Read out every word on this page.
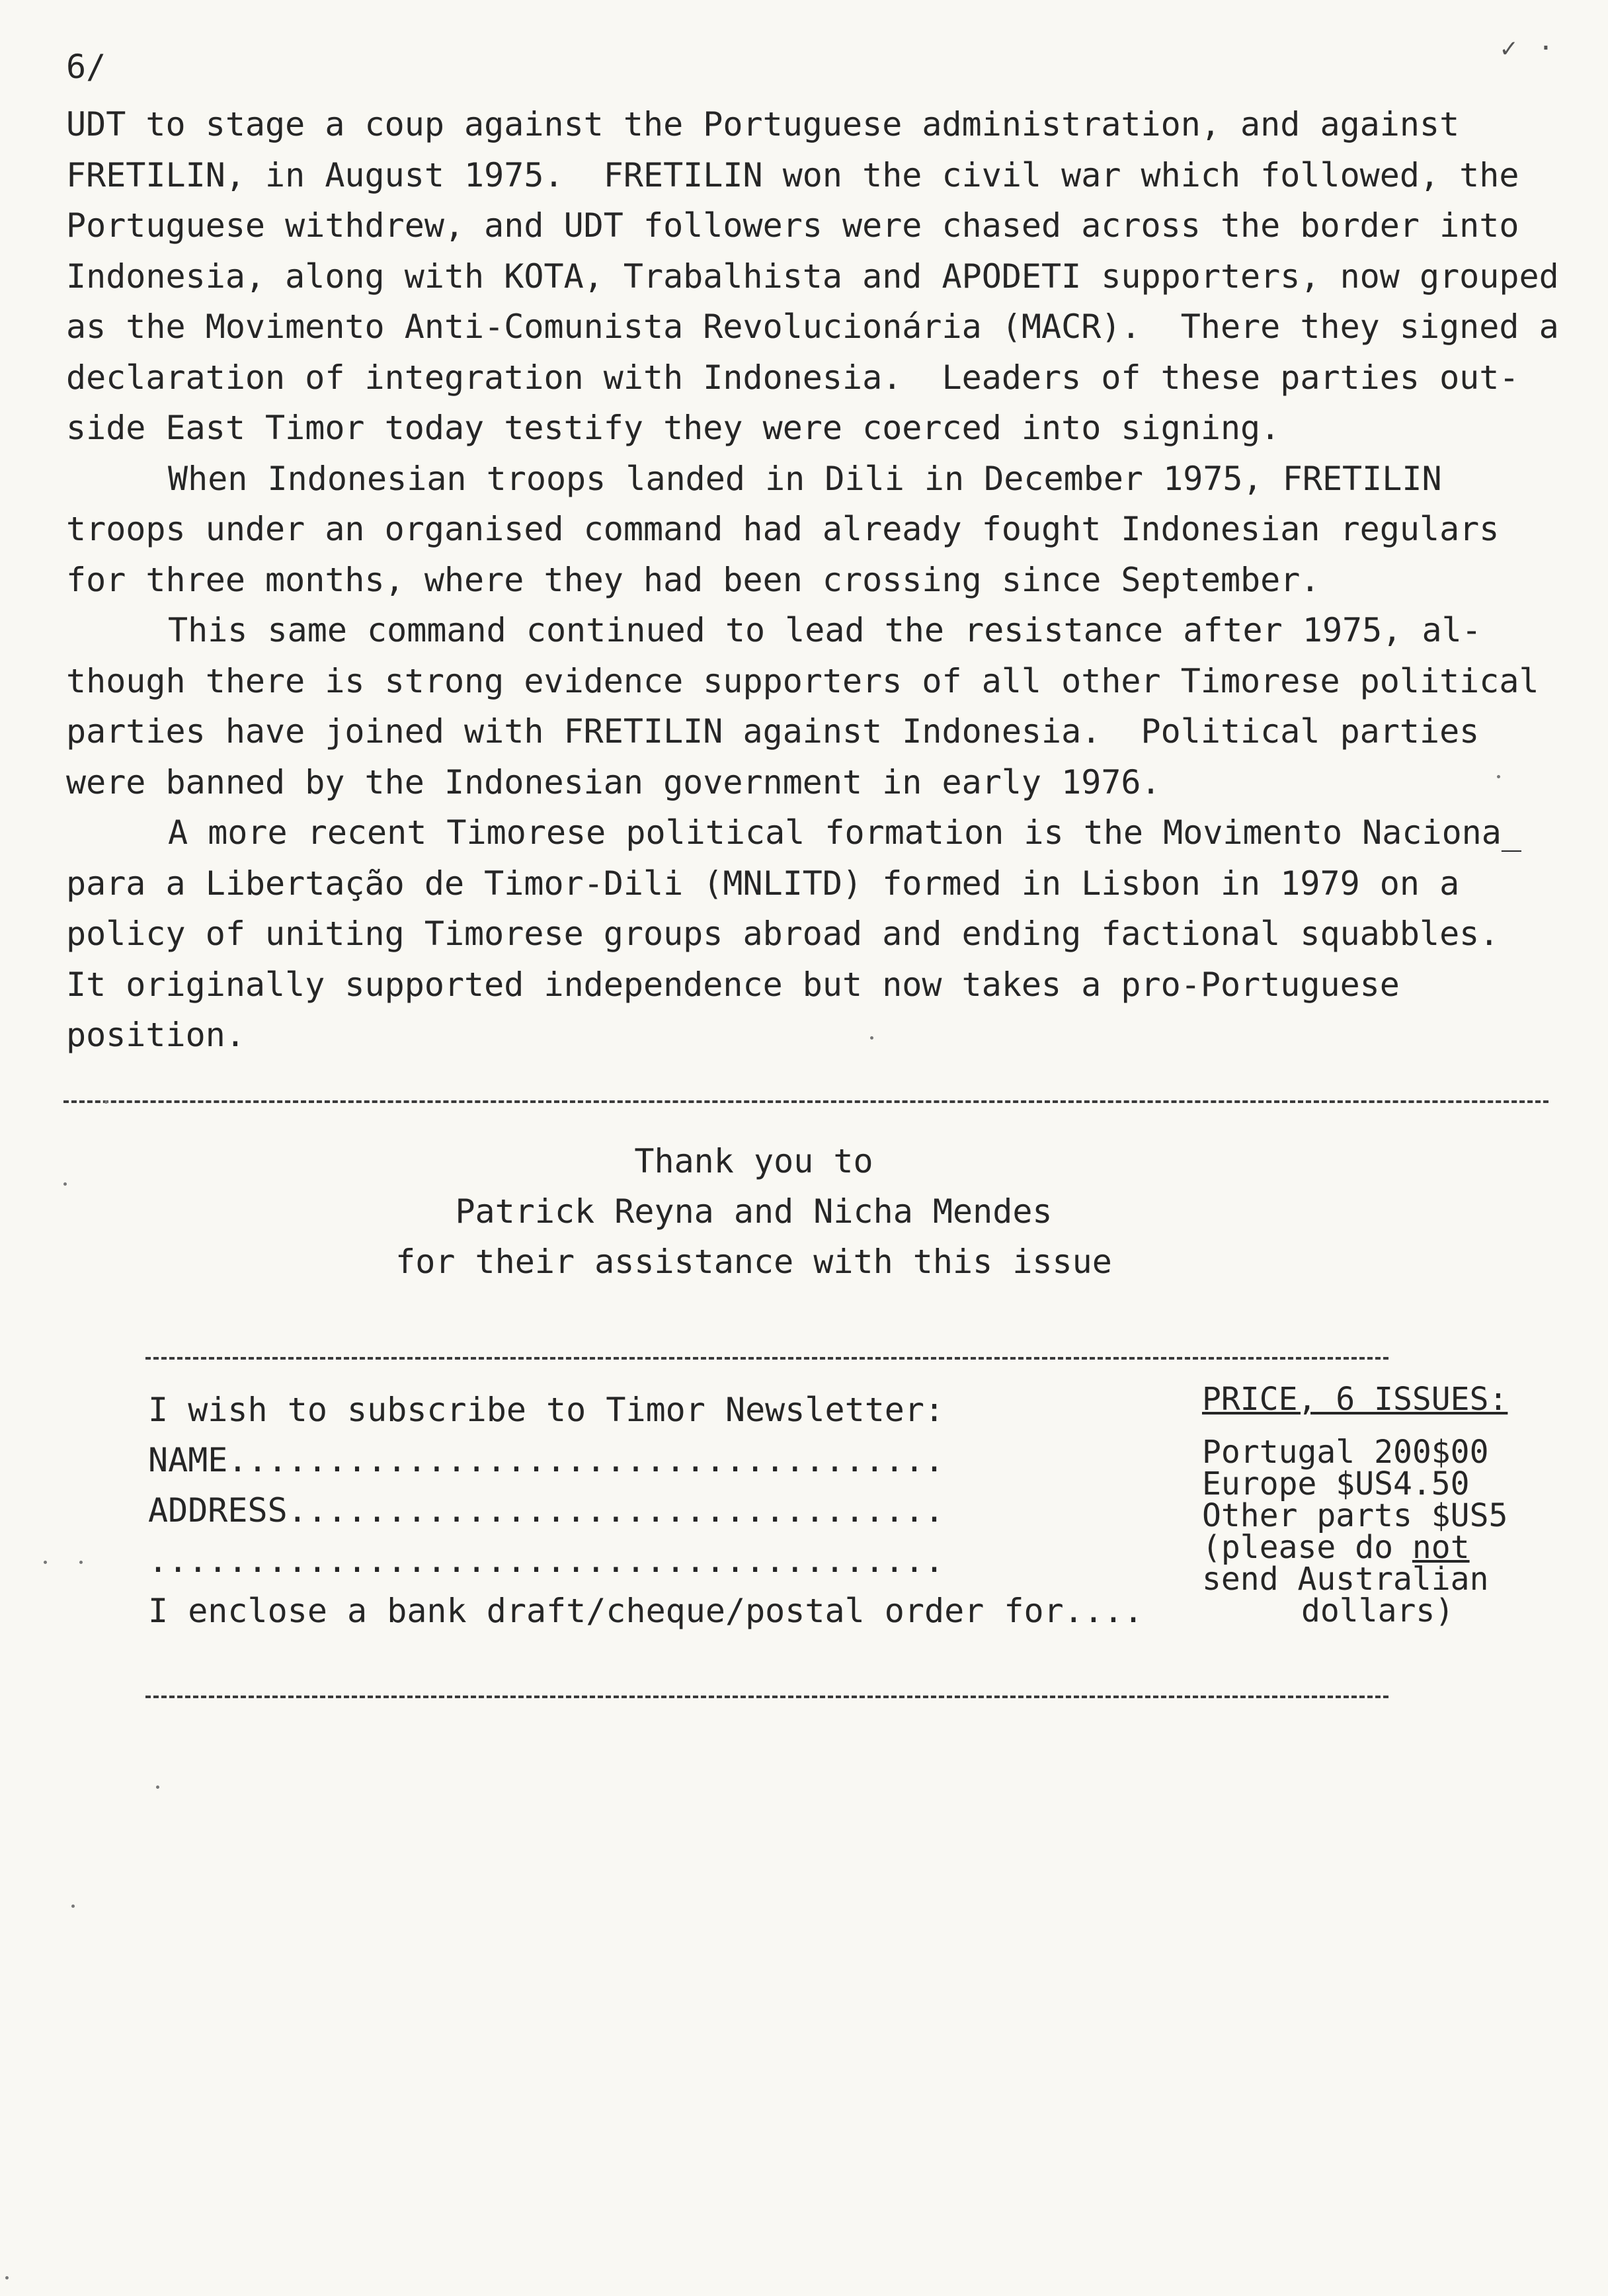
6/	✓ ·

UDT to stage a coup against the Portuguese administration, and against

FRETILIN, in August 1975.  FRETILIN won the civil war which followed, the

Portuguese withdrew, and UDT followers were chased across the border into

Indonesia, along with KOTA, Trabalhista and APODETI supporters, now grouped

as the Movimento Anti-Comunista Revolucionária (MACR).  There they signed a

declaration of integration with Indonesia.  Leaders of these parties out-

side East Timor today testify they were coerced into signing.

When Indonesian troops landed in Dili in December 1975, FRETILIN

troops under an organised command had already fought Indonesian regulars

for three months, where they had been crossing since September.

This same command continued to lead the resistance after 1975, al-

though there is strong evidence supporters of all other Timorese political

parties have joined with FRETILIN against Indonesia.  Political parties

were banned by the Indonesian government in early 1976.

A more recent Timorese political formation is the Movimento Naciona_

para a Libertação de Timor-Dili (MNLITD) formed in Lisbon in 1979 on a

policy of uniting Timorese groups abroad and ending factional squabbles.

It originally supported independence but now takes a pro-Portuguese

position.

Thank you to
Patrick Reyna and Nicha Mendes
for their assistance with this issue
I wish to subscribe to Timor Newsletter:
NAME....................................
ADDRESS.................................
........................................
I enclose a bank draft/cheque/postal order for....
PRICE, 6 ISSUES:
Portugal 200$00
Europe $US4.50
Other parts $US5
(please do not
send Australian
dollars)
